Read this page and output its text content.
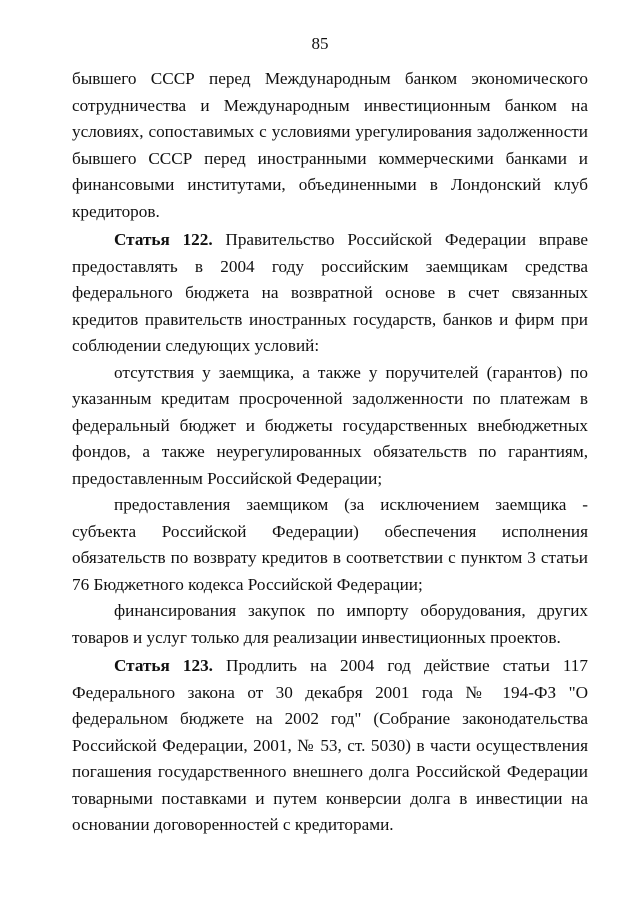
85

бывшего СССР перед Международным банком экономического сотрудничества и Международным инвестиционным банком на условиях, сопоставимых с условиями урегулирования задолженности бывшего СССР перед иностранными коммерческими банками и финансовыми институтами, объединенными в Лондонский клуб кредиторов.

Статья 122. Правительство Российской Федерации вправе предоставлять в 2004 году российским заемщикам средства федерального бюджета на возвратной основе в счет связанных кредитов правительств иностранных государств, банков и фирм при соблюдении следующих условий:

отсутствия у заемщика, а также у поручителей (гарантов) по указанным кредитам просроченной задолженности по платежам в федеральный бюджет и бюджеты государственных внебюджетных фондов, а также неурегулированных обязательств по гарантиям, предоставленным Российской Федерации;

предоставления заемщиком (за исключением заемщика - субъекта Российской Федерации) обеспечения исполнения обязательств по возврату кредитов в соответствии с пунктом 3 статьи 76 Бюджетного кодекса Российской Федерации;

финансирования закупок по импорту оборудования, других товаров и услуг только для реализации инвестиционных проектов.

Статья 123. Продлить на 2004 год действие статьи 117 Федерального закона от 30 декабря 2001 года № 194-ФЗ "О федеральном бюджете на 2002 год" (Собрание законодательства Российской Федерации, 2001, № 53, ст. 5030) в части осуществления погашения государственного внешнего долга Российской Федерации товарными поставками и путем конверсии долга в инвестиции на основании договоренностей с кредиторами.
